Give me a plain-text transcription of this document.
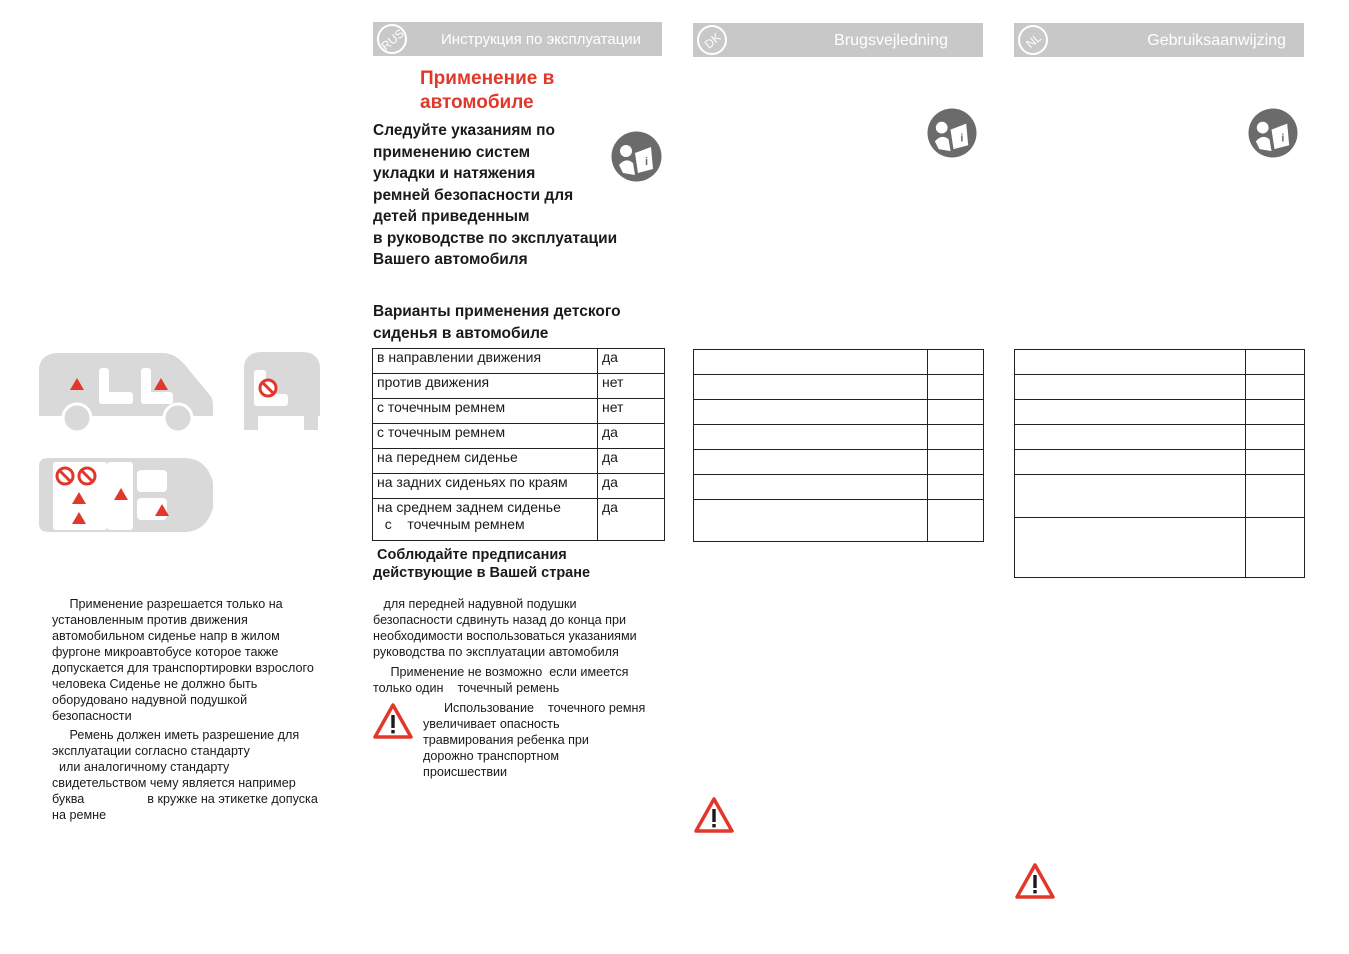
RUS Инструкция по эксплуатации	DK	Brugsvejledning	NL	Gebruiksaanwijzing
Применение в
автомобиле
Следуйте указаниям по
применению систем
укладки и натяжения
ремней безопасности для
детей приведенным
в руководстве по эксплуатации
Вашего автомобиля
i
i	i
Варианты применения детского
сиденья в автомобиле
в направлении движения	да
против движения	нет
с точечным ремнем	нет
с точечным ремнем	да
на переднем сиденье	да
на задних сиденьях по краям	да

на среднем заднем сиденье
с    точечным ремнем	да
Соблюдайте предписания
действующие в Вашей стране
для передней надувной подушки
безопасности сдвинуть назад до конца при
необходимости воспользоваться указаниями
руководства по эксплуатации автомобиля
Применение не возможно  если имеется
только один    точечный ремень
Использование    точечного ремня
увеличивает опасность
травмирования ребенка при
дорожно транспортном
происшествии
Применение разрешается только на
установленным против движения
автомобильном сиденье напр в жилом
фургоне микроавтобусе которое также
допускается для транспортировки взрослого
человека Сиденье не должно быть
оборудовано надувной подушкой
безопасности
Ремень должен иметь разрешение для
эксплуатации согласно стандарту
или аналогичному стандарту
свидетельством чему является например
буква                  в кружке на этикетке допуска
на ремне
